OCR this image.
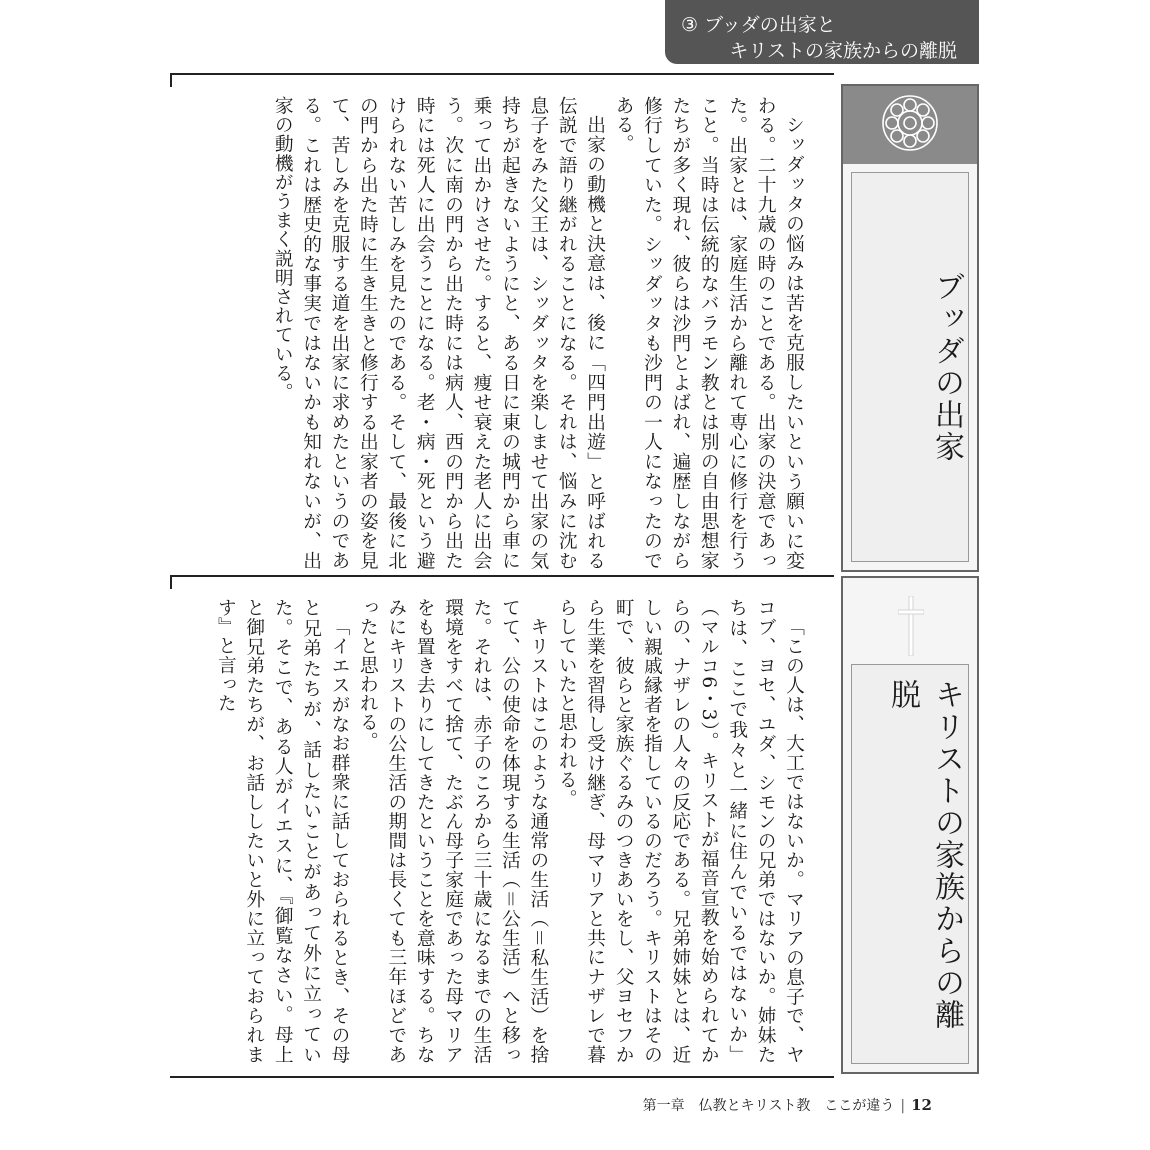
③ ブッダの出家と
キリストの家族からの離脱
ブッダの出家
キリストの家族からの離脱

シッダッタの悩みは苦を克服したいという願いに変わる。二十九歳の時のことである。出家の決意であった。出家とは、家庭生活から離れて専心に修行を行うこと。当時は伝統的なバラモン教とは別の自由思想家たちが多く現れ、彼らは沙門とよばれ、遍歴しながら修行していた。シッダッタも沙門の一人になったのである。

出家の動機と決意は、後に「四門出遊」と呼ばれる伝説で語り継がれることになる。それは、悩みに沈む息子をみた父王は、シッダッタを楽しませて出家の気持ちが起きないようにと、ある日に東の城門から車に乗って出かけさせた。すると、痩せ衰えた老人に出会う。次に南の門から出た時には病人、西の門から出た時には死人に出会うことになる。老・病・死という避けられない苦しみを見たのである。そして、最後に北の門から出た時に生き生きと修行する出家者の姿を見て、苦しみを克服する道を出家に求めたというのである。これは歴史的な事実ではないかも知れないが、出家の動機がうまく説明されている。

「この人は、大工ではないか。マリアの息子で、ヤコブ、ヨセ、ユダ、シモンの兄弟ではないか。姉妹たちは、ここで我々と一緒に住んでいるではないか」（マルコ6・3）。キリストが福音宣教を始められてからの、ナザレの人々の反応である。兄弟姉妹とは、近しい親戚縁者を指しているのだろう。キリストはその町で、彼らと家族ぐるみのつきあいをし、父ヨセフから生業を習得し受け継ぎ、母マリアと共にナザレで暮らしていたと思われる。

キリストはこのような通常の生活（＝私生活）を捨てて、公の使命を体現する生活（＝公生活）へと移った。それは、赤子のころから三十歳になるまでの生活環境をすべて捨て、たぶん母子家庭であった母マリアをも置き去りにしてきたということを意味する。ちなみにキリストの公生活の期間は長くても三年ほどであったと思われる。

「イエスがなお群衆に話しておられるとき、その母と兄弟たちが、話したいことがあって外に立っていた。そこで、ある人がイエスに、『御覧なさい。母上と御兄弟たちが、お話ししたいと外に立っておられます』と言った

第一章　仏教とキリスト教　ここが違う | 12
